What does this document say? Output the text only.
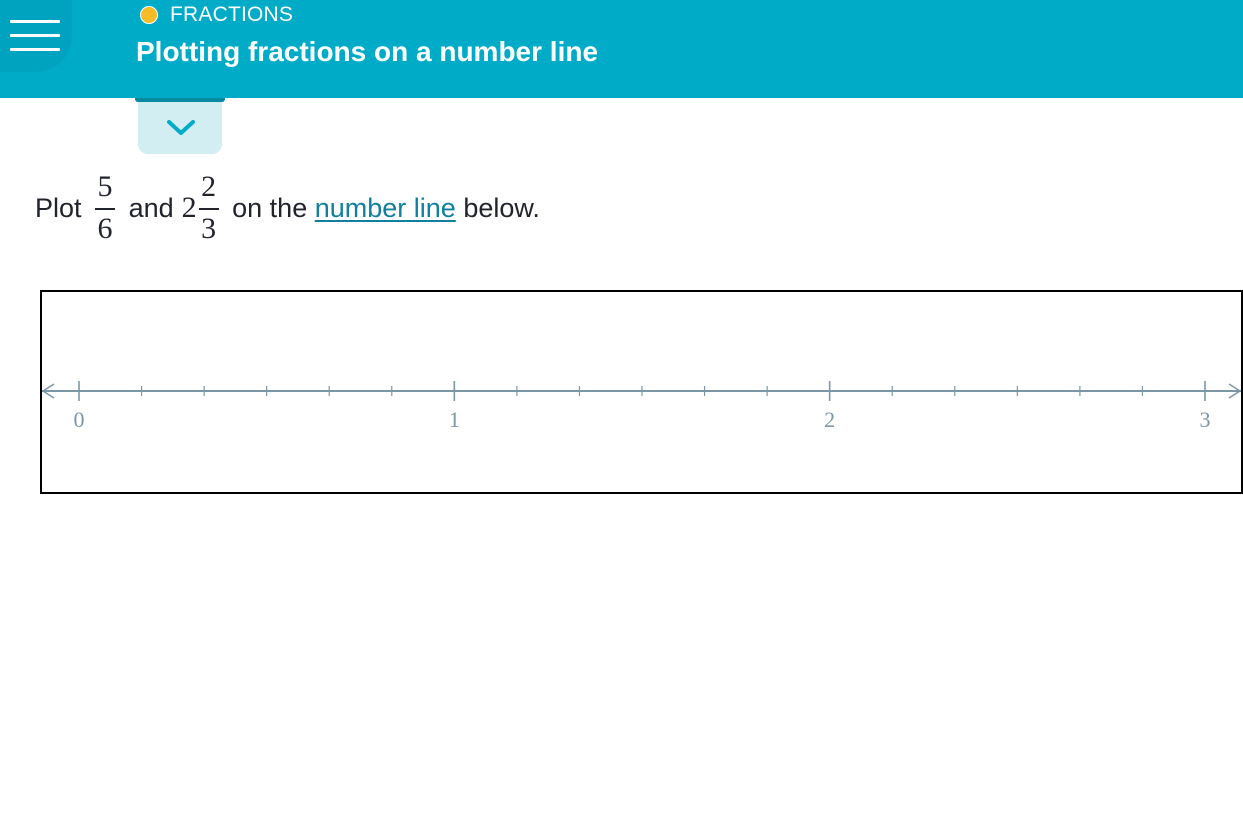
FRACTIONS
Plotting fractions on a number line
Plot
$\frac{5}{6}$
and $2 \frac{2}{3}$
on the
number line
below.
0	1	2	3
